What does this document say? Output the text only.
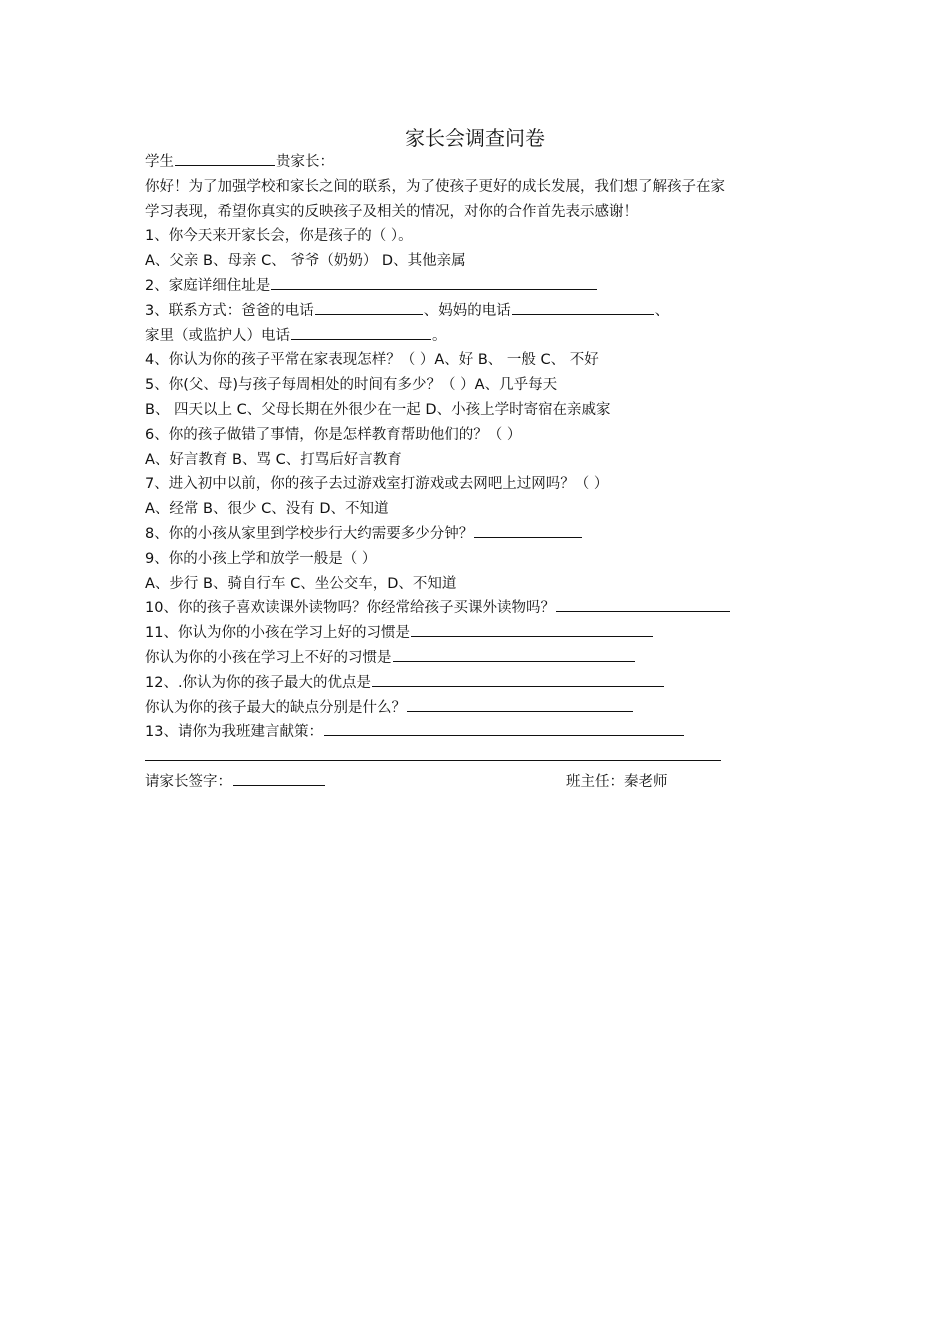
家长会调查问卷
学生	贵家长：
你好！为了加强学校和家长之间的联系，为了使孩子更好的成长发展，我们想了解孩子在家
学习表现，希望你真实的反映孩子及相关的情况，对你的合作首先表示感谢！
1、你今天来开家长会，你是孩子的（ ）。
A、父亲 B、母亲 C、 爷爷（奶奶） D、其他亲属
2、家庭详细住址是
3、联系方式：爸爸的电话	、妈妈的电话	、
家里（或监护人）电话	。
4、你认为你的孩子平常在家表现怎样？（ ）A、好 B、 一般 C、 不好
5、你(父、母)与孩子每周相处的时间有多少？（ ）A、几乎每天
B、 四天以上 C、父母长期在外很少在一起 D、小孩上学时寄宿在亲戚家
6、你的孩子做错了事情，你是怎样教育帮助他们的？（ ）
A、好言教育 B、骂 C、打骂后好言教育
7、进入初中以前，你的孩子去过游戏室打游戏或去网吧上过网吗？（ ）
A、经常 B、很少 C、没有 D、不知道
8、你的小孩从家里到学校步行大约需要多少分钟？
9、你的小孩上学和放学一般是（ ）
A、步行 B、骑自行车 C、坐公交车，D、不知道
10、你的孩子喜欢读课外读物吗？你经常给孩子买课外读物吗？
11、你认为你的小孩在学习上好的习惯是
你认为你的小孩在学习上不好的习惯是
12、.你认为你的孩子最大的优点是
你认为你的孩子最大的缺点分别是什么？
13、请你为我班建言献策：
请家长签字：	班主任：秦老师
